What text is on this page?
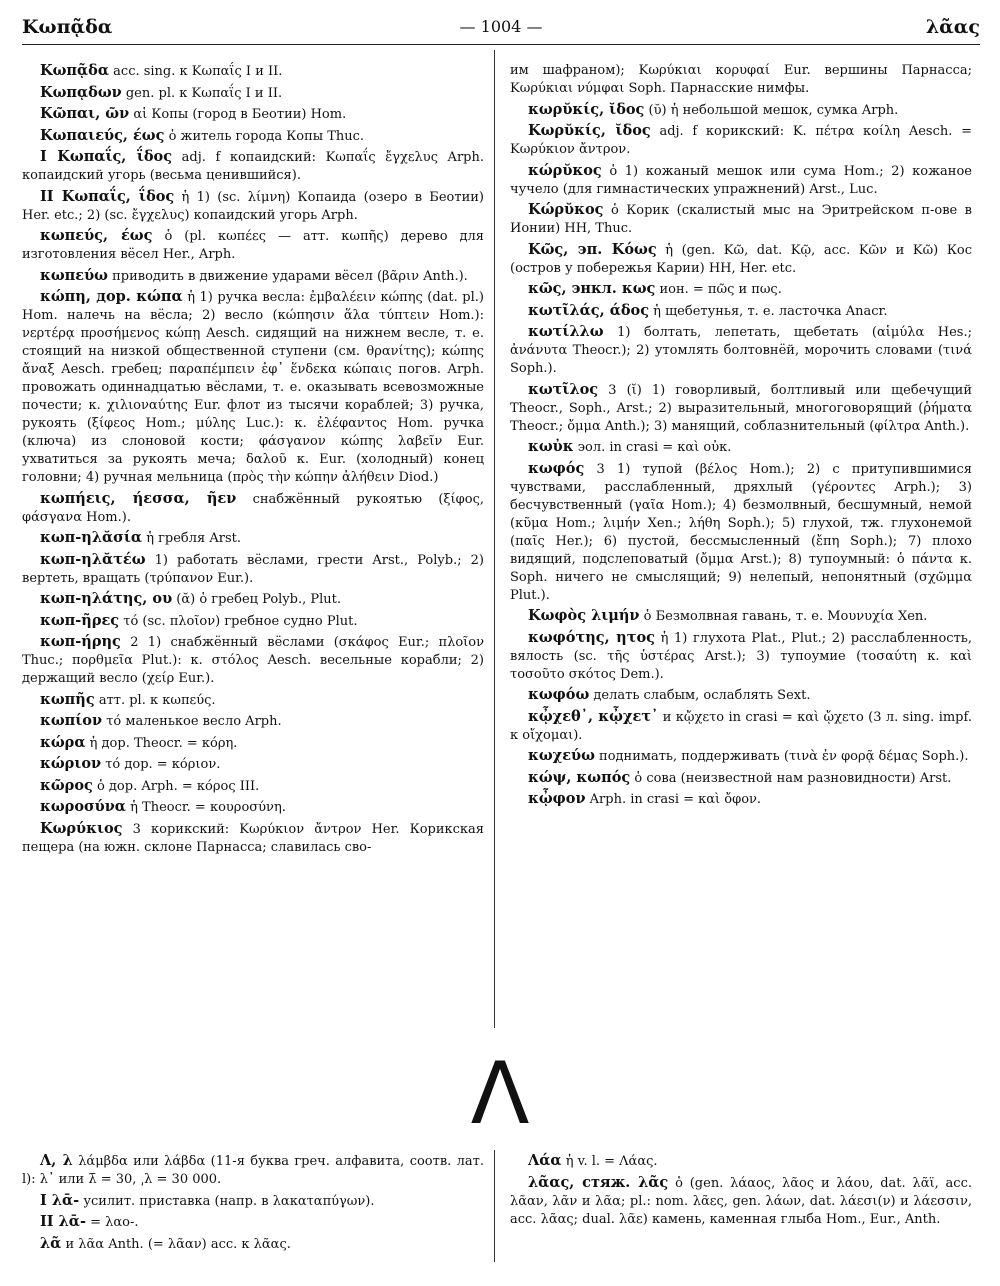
Κωπᾷδα	— 1004 —	λᾶας

Κωπᾷδα acc. sing. к Κωπαΐς I и II.

Κωπᾳδων gen. pl. к Κωπαΐς I и II.

Κῶπαι, ῶν αἱ Копы (город в Беотии) Hom.

Κωπαιεύς, έως ὁ житель города Копы Thuc.

I Κωπαΐς, ΐδος adj. f копаидский: Κωπαΐς ἔγχελυς Arph. копаидский угорь (весьма ценившийся).

II Κωπαΐς, ΐδος ἡ 1) (sc. λίμνη) Копаида (озеро в Беотии) Her. etc.; 2) (sc. ἔγχελυς) копаидский угорь Arph.

κωπεύς, έως ὁ (pl. κωπέες — атт. κωπῆς) дерево для изготовления вёсел Her., Arph.

κωπεύω приводить в движение ударами вёсел (βᾶριν Anth.).

κώπη, дор. κώπα ἡ 1) ручка весла: ἐμβαλέειν κώπης (dat. pl.) Hom. налечь на вёсла; 2) весло (κώπησιν ἅλα τύπτειν Hom.): νερτέρᾳ προσήμενος κώπῃ Aesch. сидящий на нижнем весле, т. е. стоящий на низкой общественной ступени (см. θρανίτης); κώπης ἄναξ Aesch. гребец; παραπέμπειν ἐφ᾽ ἕνδεκα κώπαις погов. Arph. провожать одиннадцатью вёслами, т. е. оказывать всевозможные почести; κ. χιλιοναύτης Eur. флот из тысячи кораблей; 3) ручка, рукоять (ξίφεος Hom.; μύλης Luc.): κ. ἐλέφαντος Hom. ручка (ключа) из слоновой кости; φάσγανον κώπης λαβεῖν Eur. ухватиться за рукоять меча; δαλοῦ κ. Eur. (холодный) конец головни; 4) ручная мельница (πρὸς τὴν κώπην ἀλήθειν Diod.)

κωπήεις, ήεσσα, ῆεν снабжённый рукоятью (ξίφος, φάσγανα Hom.).

κωπ-ηλᾰσία ἡ гребля Arst.

κωπ-ηλᾰτέω 1) работать вёслами, грести Arst., Polyb.; 2) вертеть, вращать (τρύπανον Eur.).

κωπ-ηλάτης, ου (ᾰ) ὁ гребец Polyb., Plut.

κωπ-ῆρες τό (sc. πλοῖον) гребное судно Plut.

κωπ-ήρης 2 1) снабжённый вёслами (σκάφος Eur.; πλοῖον Thuc.; πορθμεῖα Plut.): κ. στόλος Aesch. весельные корабли; 2) держащий весло (χείρ Eur.).

κωπῆς атт. pl. к κωπεύς.

κωπίον τό маленькое весло Arph.

κώρα ἡ дор. Theocr. = κόρη.

κώριον τό дор. = κόριον.

κῶρος ὁ дор. Arph. = κόρος III.

κωροσύνα ἡ Theocr. = κουροσύνη.

Κωρύκιος 3 корикский: Κωρύκιον ἄντρον Her. Корикская пещера (на южн. склоне Парнасса; славилась сво-

им шафраном); Κωρύκιαι κορυφαί Eur. вершины Парнасса; Κωρύκιαι νύμφαι Soph. Парнасские нимфы.

κωρῠκίς, ῐδος (ῠ) ἡ небольшой мешок, сумка Arph.

Κωρῠκίς, ῐδος adj. f корикский: Κ. πέτρα κοίλη Aesch. = Κωρύκιον ἄντρον.

κώρῠκος ὁ 1) кожаный мешок или сума Hom.; 2) кожаное чучело (для гимнастических упражнений) Arst., Luc.

Κώρῠκος ὁ Корик (скалистый мыс на Эритрейском п-ове в Ионии) HH, Thuc.

Κῶς, эп. Κόως ἡ (gen. Κῶ, dat. Κῷ, acc. Κῶν и Κῶ) Кос (остров у побережья Карии) HH, Her. etc.

κῶς, энкл. κως ион. = πῶς и πως.

κωτῖλάς, άδος ἡ щебетунья, т. е. ласточка Anacr.

κωτίλλω 1) болтать, лепетать, щебетать (αἱμύλα Hes.; ἀνάνυτα Theocr.); 2) утомлять болтовнёй, морочить словами (τινά Soph.).

κωτῖλος 3 (ῐ) 1) говорливый, болтливый или щебечущий Theocr., Soph., Arst.; 2) выразительный, многоговорящий (ῥήματα Theocr.; ὄμμα Anth.); 3) манящий, соблазнительный (φίλτρα Anth.).

κωὐκ эол. in crasi = καὶ οὐκ.

κωφός 3 1) тупой (βέλος Hom.); 2) с притупившимися чувствами, расслабленный, дряхлый (γέροντες Arph.); 3) бесчувственный (γαῖα Hom.); 4) безмолвный, бесшумный, немой (κῦμα Hom.; λιμήν Xen.; λήθη Soph.); 5) глухой, тж. глухонемой (παῖς Her.); 6) пустой, бессмысленный (ἔπη Soph.); 7) плохо видящий, подслеповатый (ὄμμα Arst.); 8) тупоумный: ὁ πάντα κ. Soph. ничего не смыслящий; 9) нелепый, непонятный (σχῶμμα Plut.).

Κωφὸς λιμήν ὁ Безмолвная гавань, т. е. Μουνυχία Xen.

κωφότης, ητος ἡ 1) глухота Plat., Plut.; 2) расслабленность, вялость (sc. τῆς ὑστέρας Arst.); 3) тупоумие (τοσαύτη κ. καὶ τοσοῦτο σκότος Dem.).

κωφόω делать слабым, ослаблять Sext.

κᾦχεθ᾽, κᾦχετ᾽ и κᾤχετο in crasi = καὶ ᾤχετο (3 л. sing. impf. к οἴχομαι).

κωχεύω поднимать, поддерживать (τινὰ ἐν φορᾷ δέμας Soph.).

κώψ, κωπός ὁ сова (неизвестной нам разновидности) Arst.

κᾦφον Arph. in crasi = καὶ ὄφον.

Λ

Λ, λ λάμβδα или λάβδα (11-я буква греч. алфавита, соотв. лат. l): λ᾽ или λ̄ = 30, ͵λ = 30 000.

I λᾱ- усилит. приставка (напр. в λακαταπύγων).

II λᾱ- = λαο-.

λᾶ и λᾶα Anth. (= λᾶαν) acc. к λᾶας.

Λάα ἡ v. l. = Λάας.

λᾶας, стяж. λᾶς ὁ (gen. λάαος, λᾶος и λάου, dat. λᾶϊ, acc. λᾶαν, λᾶν и λᾶα; pl.: nom. λᾶες, gen. λάων, dat. λάεσι(ν) и λάεσσιν, acc. λᾶας; dual. λᾶε) камень, каменная глыба Hom., Eur., Anth.
